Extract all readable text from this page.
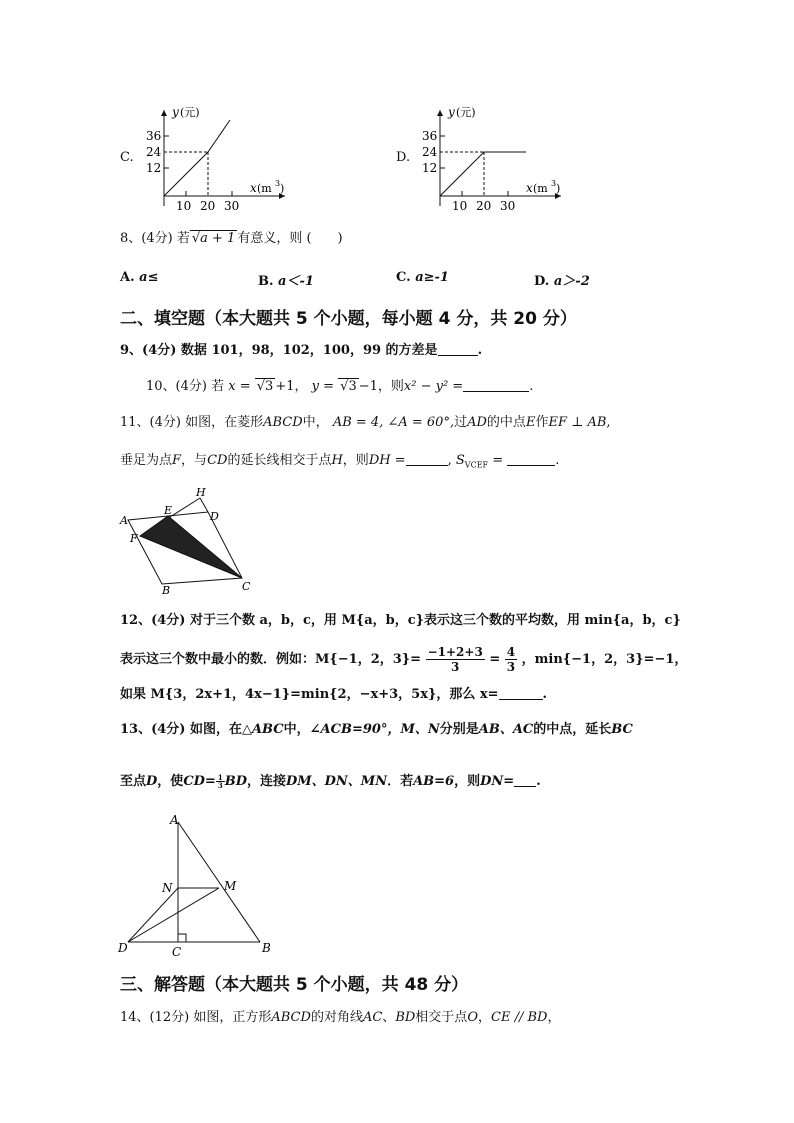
C.
y (元)
36
24
12
10 20 30
x (m 3 )
D.
y (元)
36
24
12
10 20 30
x (m 3 )
8、(4分) 若 √a + 1 有意义，则 (　　)
A. a≤	B. a＜-1	C. a≥-1	D. a＞-2
二、填空题（本大题共 5 个小题，每小题 4 分，共 20 分）
9、(4分) 数据 101，98，102，100，99 的方差是	.
10、(4分) 若 x = √3 +1， y = √3 −1，则x² − y² =	.
11、(4分) 如图，在菱形ABCD中， AB = 4, ∠A = 60°,过AD的中点E作EF ⊥ AB,
垂足为点F，与CD的延长线相交于点H，则DH =	, $S_{VCEF}$ =	.
A
B	C
D
E
F
H
12、(4分) 对于三个数 a，b，c，用 M{a，b，c}表示这三个数的平均数，用 min{a，b，c}
表示这三个数中最小的数．例如：M{−1，2，$3\}= \frac{-1+2+3}{3} = \frac{4}{3}$ ，min{−1，2，3}=−1，
如果 M{3，2x+1，4x−1}=min{2，−x+3，5x}，那么 x=	.
13、(4分) 如图，在△ABC中，∠ACB=90°，M、N分别是AB、AC的中点，延长BC
至点D，使$CD= \frac{1}{3}$ BD，连接DM、DN、MN．若AB=6，则DN= .
A
B
C
D
M
N
三、解答题（本大题共 5 个小题，共 48 分）
14、(12分) 如图，正方形ABCD的对角线AC、BD相交于点O，CE // BD，
